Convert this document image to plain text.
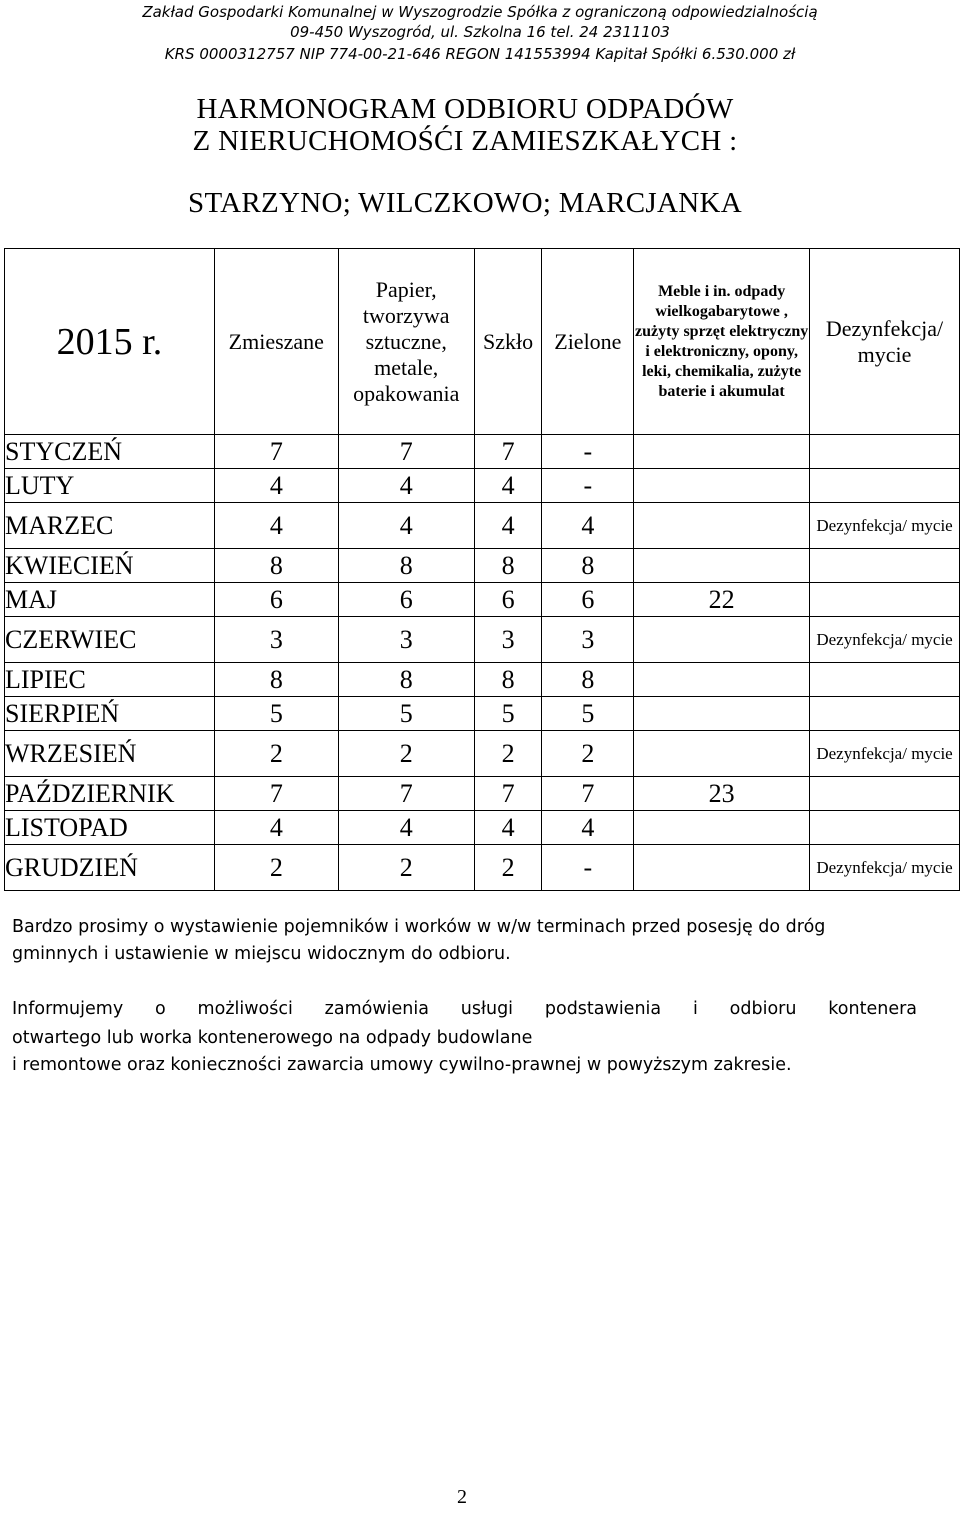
Zakład Gospodarki Komunalnej w Wyszogrodzie Spółka z ograniczoną odpowiedzialnością
09-450 Wyszogród, ul. Szkolna 16 tel. 24 2311103
KRS 0000312757 NIP 774-00-21-646 REGON 141553994 Kapitał Spółki 6.530.000 zł
HARMONOGRAM ODBIORU ODPADÓW
Z NIERUCHOMOŚĆI ZAMIESZKAŁYCH :
STARZYNO; WILCZKOWO; MARCJANKA
2015 r.	Zmieszane	Papier, tworzywa sztuczne, metale, opakowania	Szkło	Zielone	Meble i in. odpady wielkogabarytowe , zużyty sprzęt elektryczny i elektroniczny, opony, leki, chemikalia, zużyte baterie i akumulat	Dezynfekcja/ mycie
STYCZEŃ	7	7	7	-		
LUTY	4	4	4	-		
MARZEC	4	4	4	4		Dezynfekcja/ mycie
KWIECIEŃ	8	8	8	8		
MAJ	6	6	6	6	22	
CZERWIEC	3	3	3	3		Dezynfekcja/ mycie
LIPIEC	8	8	8	8		
SIERPIEŃ	5	5	5	5		
WRZESIEŃ	2	2	2	2		Dezynfekcja/ mycie
PAŹDZIERNIK	7	7	7	7	23	
LISTOPAD	4	4	4	4		
GRUDZIEŃ	2	2	2	-		Dezynfekcja/ mycie
Bardzo prosimy o wystawienie pojemników i worków w w/w terminach przed posesję do dróg gminnych i ustawienie w miejscu widocznym do odbioru.
Informujemy o możliwości zamówienia usługi podstawienia i odbioru kontenera
otwartego lub worka kontenerowego na odpady budowlane
i remontowe oraz konieczności zawarcia umowy cywilno-prawnej w powyższym zakresie.
2
